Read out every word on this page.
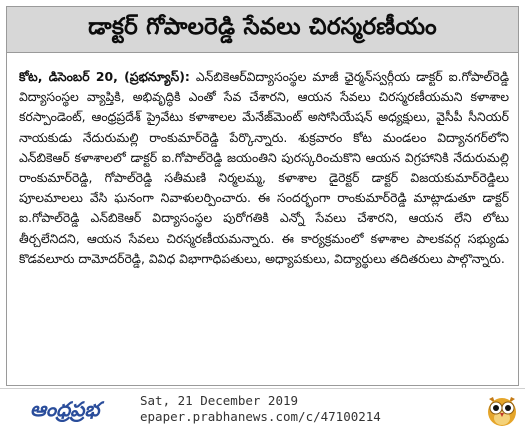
డాక్టర్ గోపాలరెడ్డి సేవలు చిరస్మరణీయం
కోట, డిసెంబర్ 20, (ప్రభన్యూస్): ఎన్‌బికెఆర్‌విద్యాసంస్థల మాజీ ఛైర్మన్‌స్వర్గీయ డాక్టర్ ఐ.గోపాల్‌రెడ్డి విద్యాసంస్థల వ్యాప్తికి, అభివృద్ధికి ఎంతో సేవ చేశారని, ఆయన సేవలు చిరస్మరణీయమని కళాశాల కరస్పాండెంట్, ఆంధ్రప్రదేశ్ ప్రైవేటు కళాశాలల మేనేజ్‌మెంట్ అసోసియేషన్ అధ్యక్షులు, వైసీపీ సీనియర్ నాయకుడు నేదురుమల్లి రాంకుమార్‌రెడ్డి పేర్కొన్నారు. శుక్రవారం కోట మండలం విద్యానగర్‌లోని ఎన్‌బికెఆర్ కళాశాలలో డాక్టర్ ఐ.గోపాల్‌రెడ్డి జయంతిని పురస్కరించుకొని ఆయన విగ్రహానికి నేదురుమల్లి రాంకుమార్‌రెడ్డి, గోపాల్‌రెడ్డి సతీమణి నిర్మలమ్మ, కళాశాల డైరెక్టర్ డాక్టర్ విజయకుమార్‌రెడ్డిలు పూలమాలలు వేసి ఘనంగా నివాళులర్పించారు. ఈ సందర్భంగా రాంకుమార్‌రెడ్డి మాట్లాడుతూ డాక్టర్ ఐ.గోపాల్‌రెడ్డి ఎన్‌బికెఆర్ విద్యాసంస్థల పురోగతికి ఎన్నో సేవలు చేశారని, ఆయన లేని లోటు తీర్చలేనిదని, ఆయన సేవలు చిరస్మరణీయమన్నారు. ఈ కార్యక్రమంలో కళాశాల పాలకవర్గ సభ్యుడు కొడవలూరు దామోదర్‌రెడ్డి, వివిధ విభాగాధిపతులు, అధ్యాపకులు, విద్యార్థులు తదితరులు పాల్గొన్నారు.
ఆంధ్రప్రభ	Sat, 21 December 2019
epaper.prabhanews.com/c/47100214
